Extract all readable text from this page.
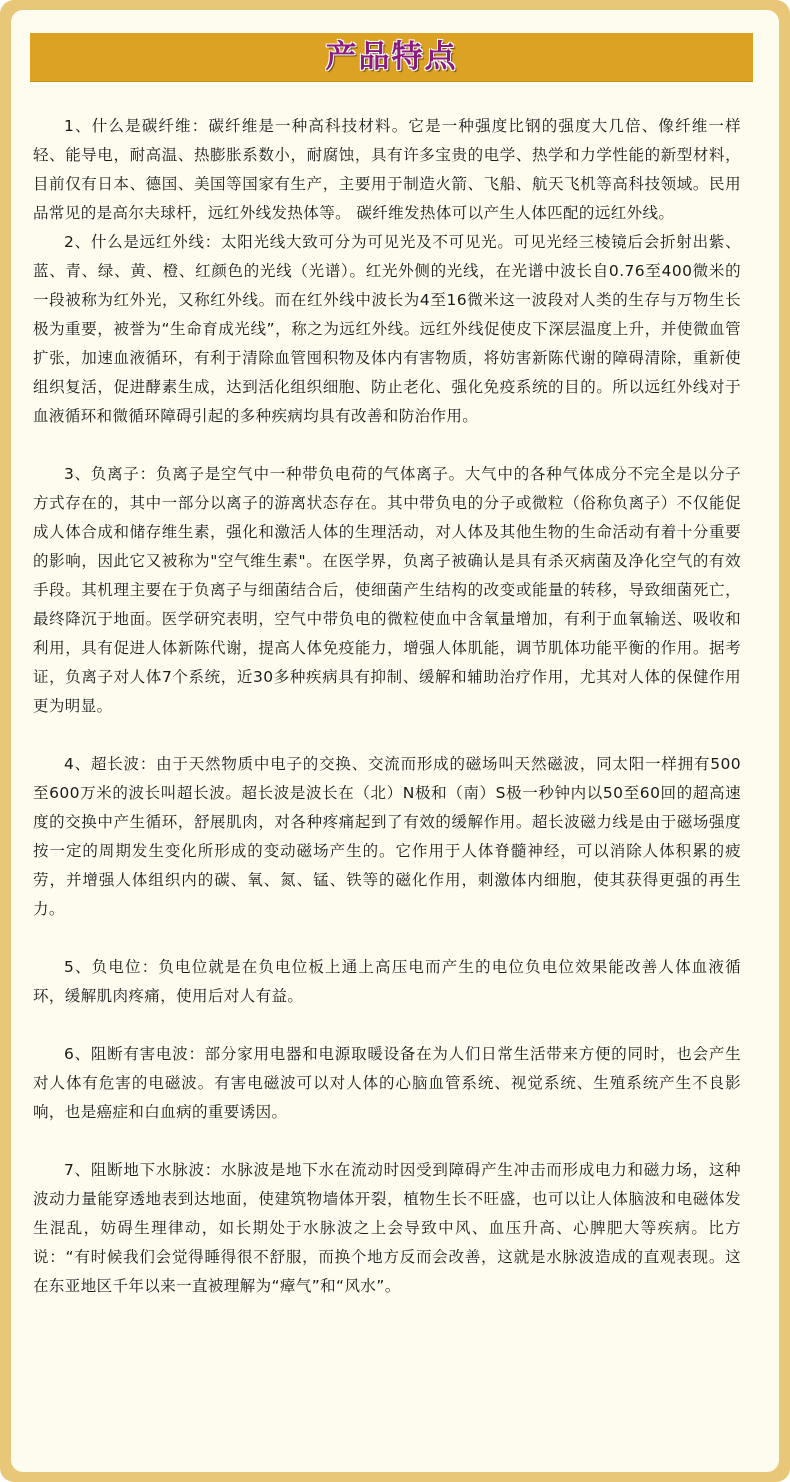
产品特点

1、什么是碳纤维：碳纤维是一种高科技材料。它是一种强度比钢的强度大几倍、像纤维一样轻、能导电，耐高温、热膨胀系数小，耐腐蚀，具有许多宝贵的电学、热学和力学性能的新型材料，目前仅有日本、德国、美国等国家有生产，主要用于制造火箭、飞船、航天飞机等高科技领域。民用品常见的是高尔夫球杆，远红外线发热体等。 碳纤维发热体可以产生人体匹配的远红外线。

2、什么是远红外线：太阳光线大致可分为可见光及不可见光。可见光经三棱镜后会折射出紫、蓝、青、绿、黄、橙、红颜色的光线（光谱）。红光外侧的光线，在光谱中波长自0.76至400微米的一段被称为红外光，又称红外线。而在红外线中波长为4至16微米这一波段对人类的生存与万物生长极为重要，被誉为“生命育成光线”，称之为远红外线。远红外线促使皮下深层温度上升，并使微血管扩张，加速血液循环，有利于清除血管囤积物及体内有害物质，将妨害新陈代谢的障碍清除，重新使组织复活，促进酵素生成，达到活化组织细胞、防止老化、强化免疫系统的目的。所以远红外线对于血液循环和微循环障碍引起的多种疾病均具有改善和防治作用。

3、负离子：负离子是空气中一种带负电荷的气体离子。大气中的各种气体成分不完全是以分子方式存在的，其中一部分以离子的游离状态存在。其中带负电的分子或微粒（俗称负离子）不仅能促成人体合成和储存维生素，强化和激活人体的生理活动，对人体及其他生物的生命活动有着十分重要的影响，因此它又被称为"空气维生素"。在医学界，负离子被确认是具有杀灭病菌及净化空气的有效手段。其机理主要在于负离子与细菌结合后，使细菌产生结构的改变或能量的转移，导致细菌死亡，最终降沉于地面。医学研究表明，空气中带负电的微粒使血中含氧量增加，有利于血氧输送、吸收和利用，具有促进人体新陈代谢，提高人体免疫能力，增强人体肌能，调节肌体功能平衡的作用。据考证，负离子对人体7个系统，近30多种疾病具有抑制、缓解和辅助治疗作用，尤其对人体的保健作用更为明显。

4、超长波：由于天然物质中电子的交换、交流而形成的磁场叫天然磁波，同太阳一样拥有500至600万米的波长叫超长波。超长波是波长在（北）N极和（南）S极一秒钟内以50至60回的超高速度的交换中产生循环，舒展肌肉，对各种疼痛起到了有效的缓解作用。超长波磁力线是由于磁场强度按一定的周期发生变化所形成的变动磁场产生的。它作用于人体脊髓神经，可以消除人体积累的疲劳，并增强人体组织内的碳、氧、氮、锰、铁等的磁化作用，刺激体内细胞，使其获得更强的再生力。

5、负电位：负电位就是在负电位板上通上高压电而产生的电位负电位效果能改善人体血液循环，缓解肌肉疼痛，使用后对人有益。

6、阻断有害电波：部分家用电器和电源取暖设备在为人们日常生活带来方便的同时，也会产生对人体有危害的电磁波。有害电磁波可以对人体的心脑血管系统、视觉系统、生殖系统产生不良影响，也是癌症和白血病的重要诱因。

7、阻断地下水脉波：水脉波是地下水在流动时因受到障碍产生冲击而形成电力和磁力场，这种波动力量能穿透地表到达地面，使建筑物墙体开裂，植物生长不旺盛，也可以让人体脑波和电磁体发生混乱，妨碍生理律动，如长期处于水脉波之上会导致中风、血压升高、心脾肥大等疾病。比方说：“有时候我们会觉得睡得很不舒服，而换个地方反而会改善，这就是水脉波造成的直观表现。这在东亚地区千年以来一直被理解为“瘴气”和“风水”。
